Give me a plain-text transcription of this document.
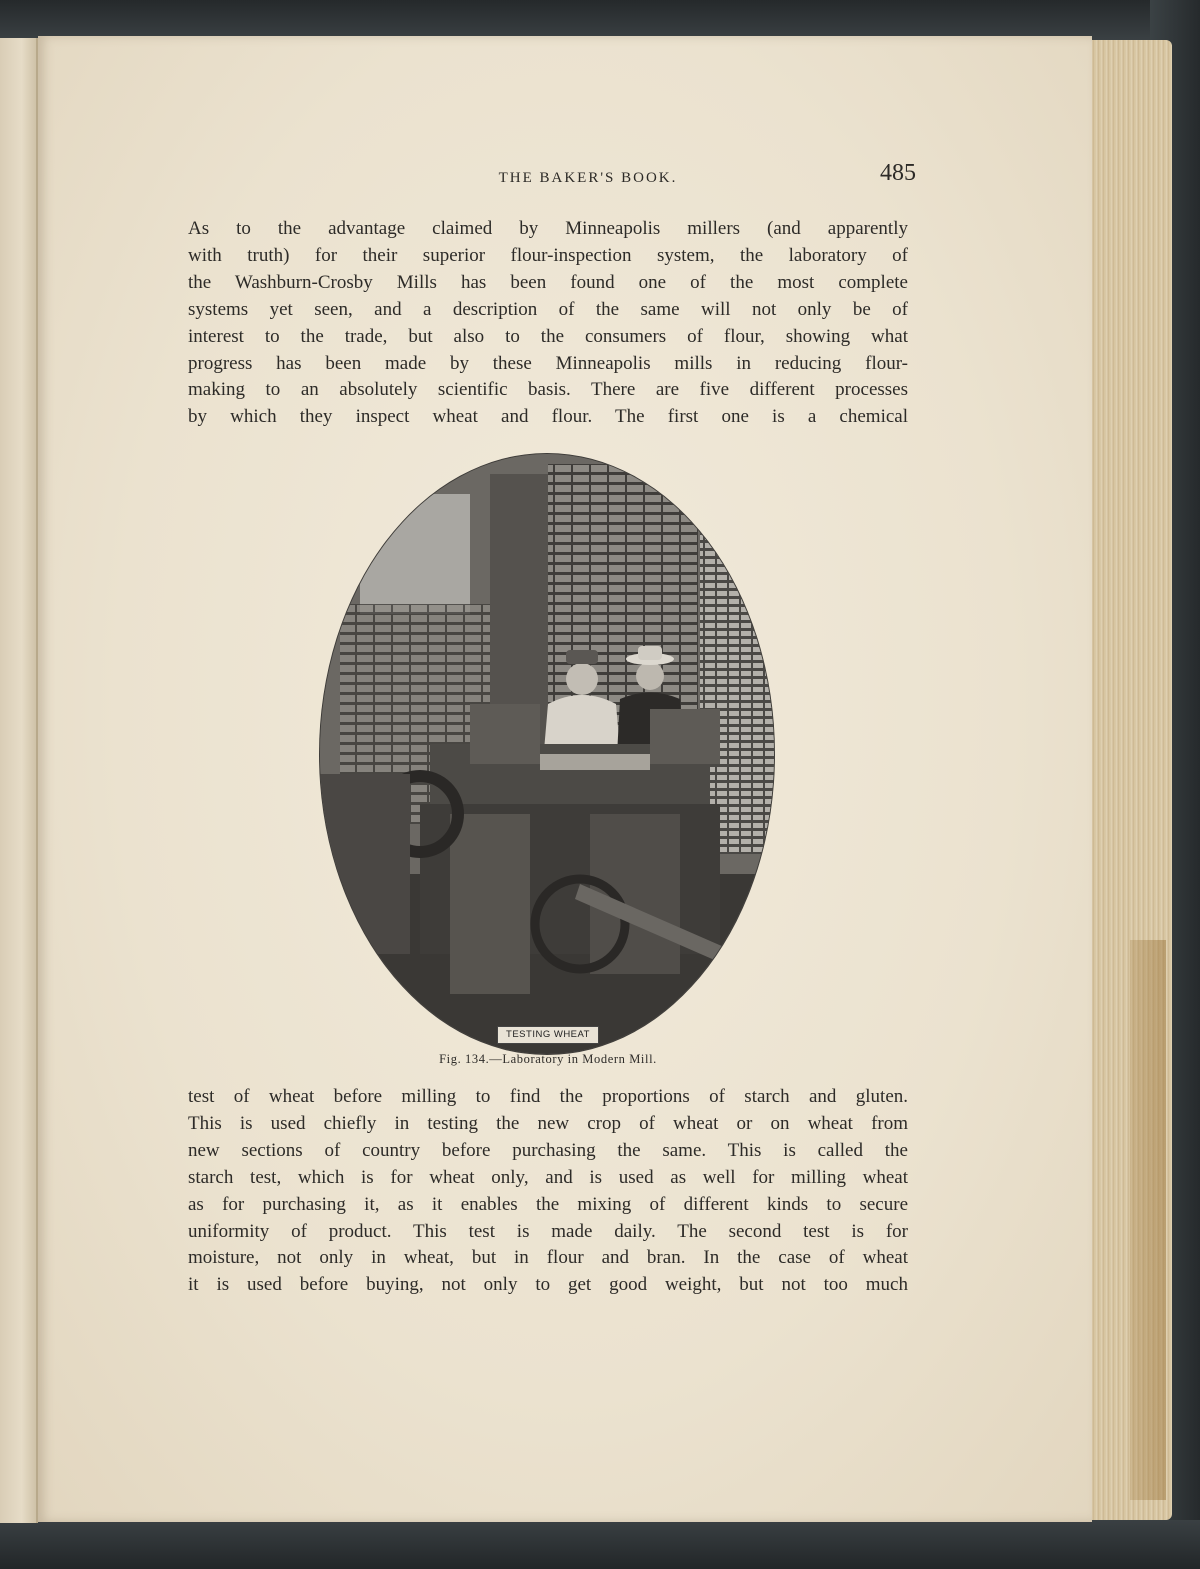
THE BAKER'S BOOK.	485

As to the advantage claimed by Minneapolis millers (and apparently
with truth) for their superior flour-inspection system, the laboratory of
the Washburn-Crosby Mills has been found one of the most complete
systems yet seen, and a description of the same will not only be of
interest to the trade, but also to the consumers of flour, showing what
progress has been made by these Minneapolis mills in reducing flour-
making to an absolutely scientific basis. There are five different processes
by which they inspect wheat and flour. The first one is a chemical

TESTING WHEAT
Fig. 134.—Laboratory in Modern Mill.

test of wheat before milling to find the proportions of starch and gluten.
This is used chiefly in testing the new crop of wheat or on wheat from
new sections of country before purchasing the same. This is called the
starch test, which is for wheat only, and is used as well for milling wheat
as for purchasing it, as it enables the mixing of different kinds to secure
uniformity of product. This test is made daily. The second test is for
moisture, not only in wheat, but in flour and bran. In the case of wheat
it is used before buying, not only to get good weight, but not too much
